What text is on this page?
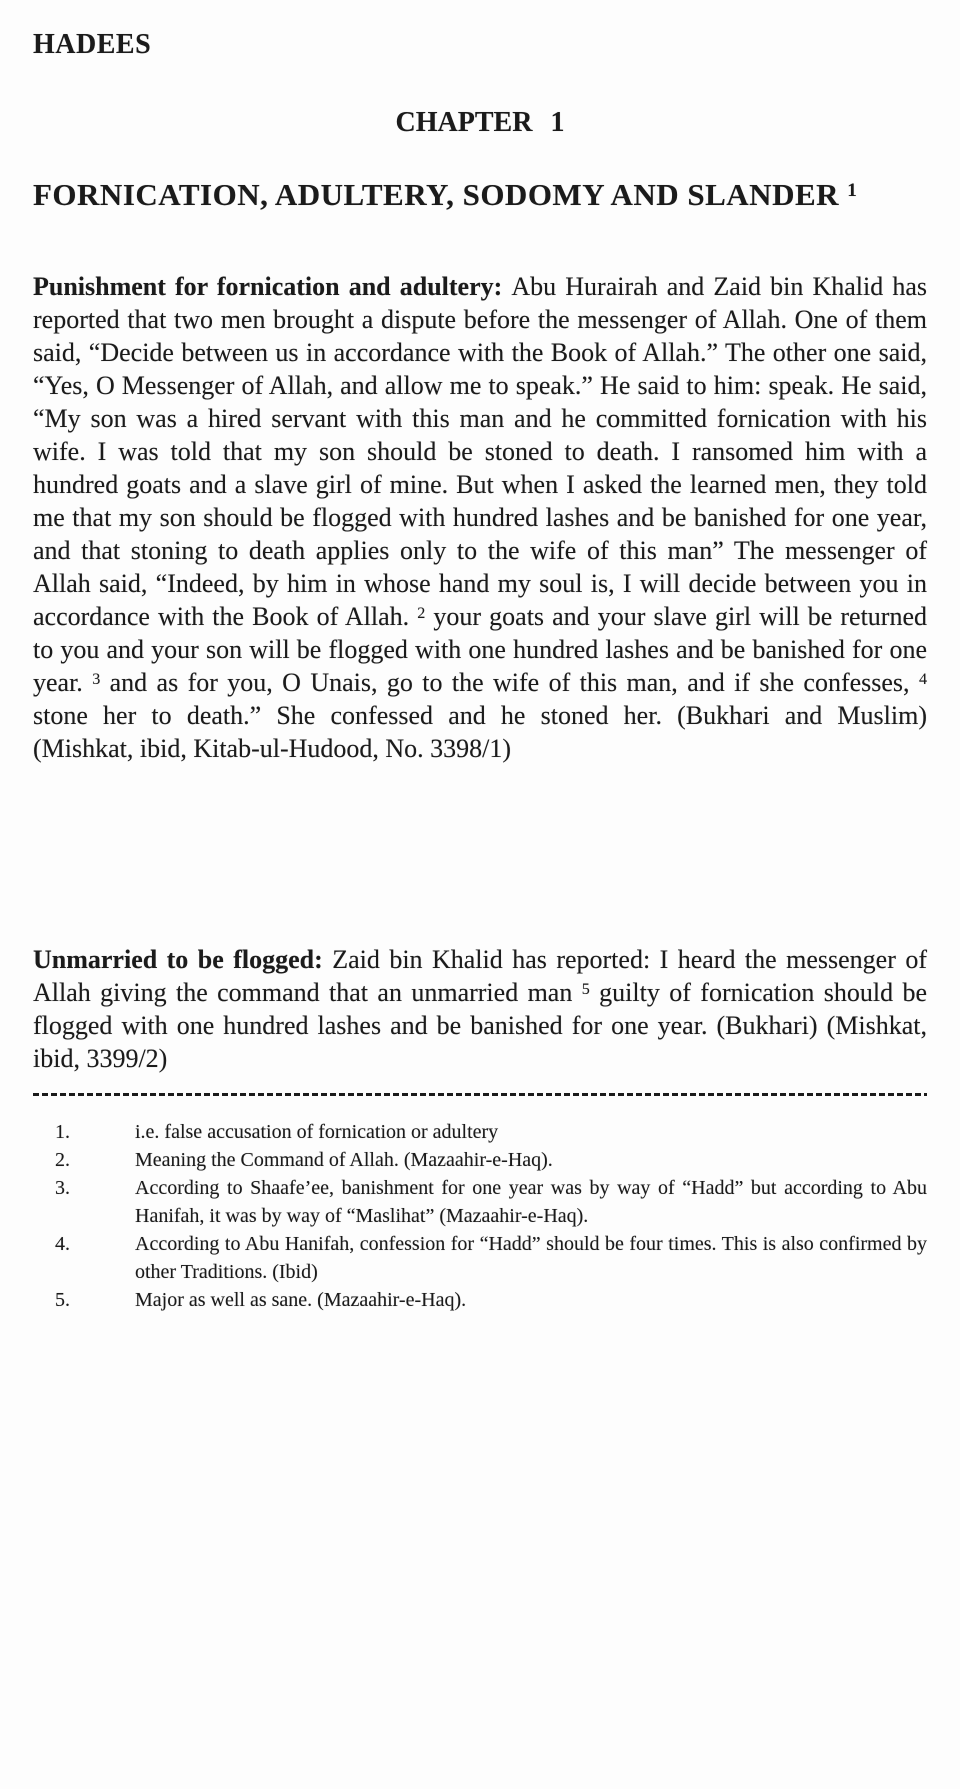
HADEES
CHAPTER 1
FORNICATION, ADULTERY, SODOMY AND SLANDER $^1$

Punishment for fornication and adultery: Abu Hurairah and Zaid bin Khalid has reported that two men brought a dispute before the messenger of Allah. One of them said, “Decide between us in accordance with the Book of Allah.” The other one said, “Yes, O Messenger of Allah, and allow me to speak.” He said to him: speak. He said, “My son was a hired servant with this man and he committed fornication with his wife. I was told that my son should be stoned to death. I ransomed him with a hundred goats and a slave girl of mine. But when I asked the learned men, they told me that my son should be flogged with hundred lashes and be banished for one year, and that stoning to death applies only to the wife of this man” The messenger of Allah said, “Indeed, by him in whose hand my soul is, I will decide between you in accordance with the Book of Allah. $^2$ your goats and your slave girl will be returned to you and your son will be flogged with one hundred lashes and be banished for one year. $^3$ and as for you, O Unais, go to the wife of this man, and if she confesses, $^4$ stone her to death.” She confessed and he stoned her. (Bukhari and Muslim) (Mishkat, ibid, Kitab-ul-Hudood, No. 3398/1)

Unmarried to be flogged: Zaid bin Khalid has reported: I heard the messenger of Allah giving the command that an unmarried man $^5$ guilty of fornication should be flogged with one hundred lashes and be banished for one year. (Bukhari) (Mishkat, ibid, 3399/2)

1.	i.e. false accusation of fornication or adultery
2.	Meaning the Command of Allah. (Mazaahir-e-Haq).
3.	According to Shaafe’ee, banishment for one year was by way of “Hadd” but according to Abu Hanifah, it was by way of “Maslihat” (Mazaahir-e-Haq).
4.	According to Abu Hanifah, confession for “Hadd” should be four times. This is also confirmed by other Traditions. (Ibid)
5.	Major as well as sane. (Mazaahir-e-Haq).
